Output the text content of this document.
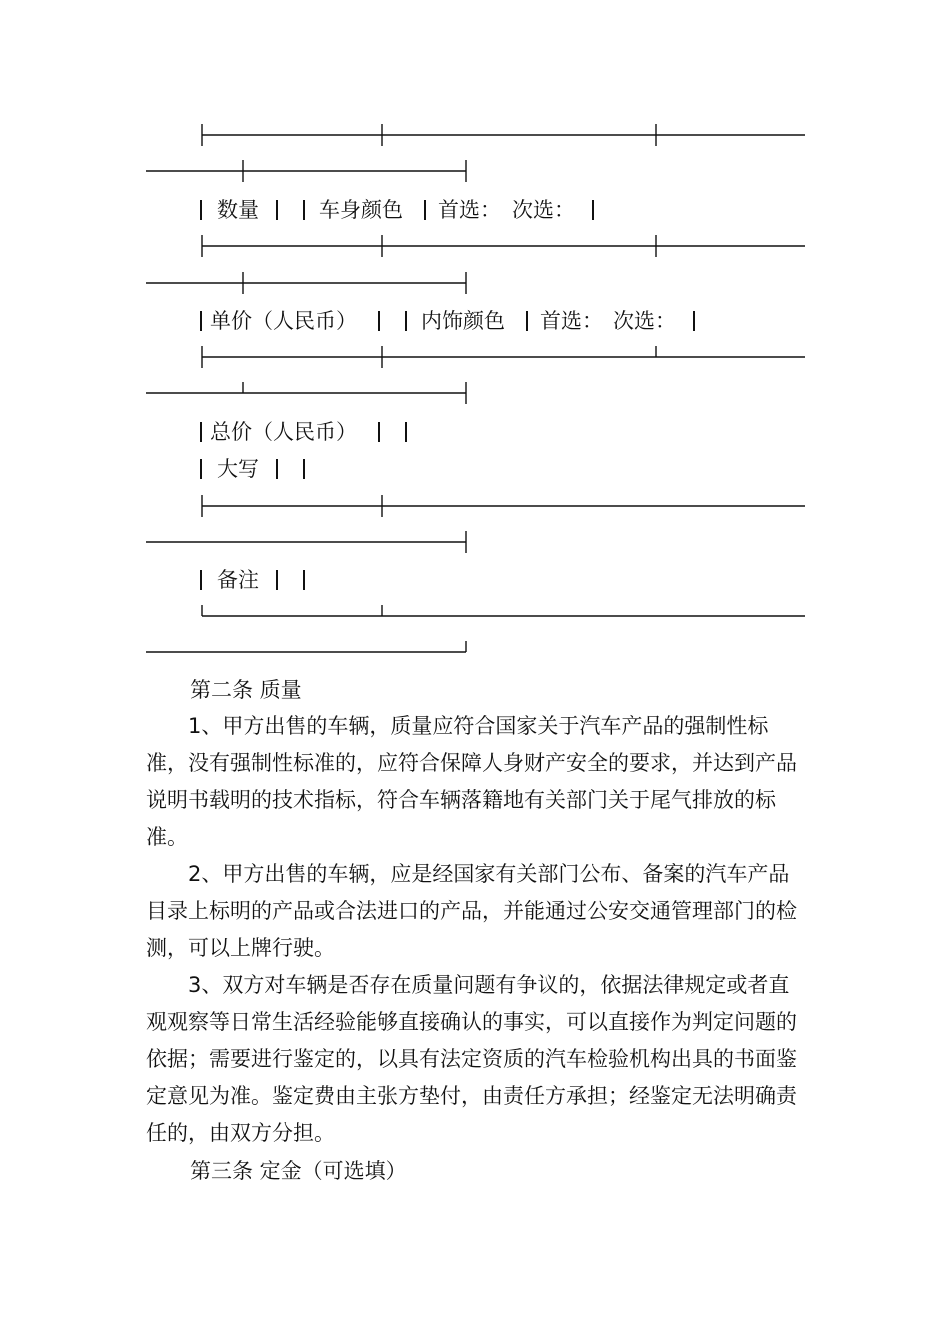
数量	车身颜色 首选： 次选：
单价（人民币）	内饰颜色 首选： 次选：
总价（人民币）
大写
备注
第二条 质量
1、甲方出售的车辆，质量应符合国家关于汽车产品的强制性标准，没有强制性标准的，应符合保障人身财产安全的要求，并达到产品说明书载明的技术指标，符合车辆落籍地有关部门关于尾气排放的标准。
2、甲方出售的车辆，应是经国家有关部门公布、备案的汽车产品目录上标明的产品或合法进口的产品，并能通过公安交通管理部门的检测，可以上牌行驶。
3、双方对车辆是否存在质量问题有争议的，依据法律规定或者直观观察等日常生活经验能够直接确认的事实，可以直接作为判定问题的依据；需要进行鉴定的，以具有法定资质的汽车检验机构出具的书面鉴定意见为准。鉴定费由主张方垫付，由责任方承担；经鉴定无法明确责任的，由双方分担。
第三条 定金（可选填）
